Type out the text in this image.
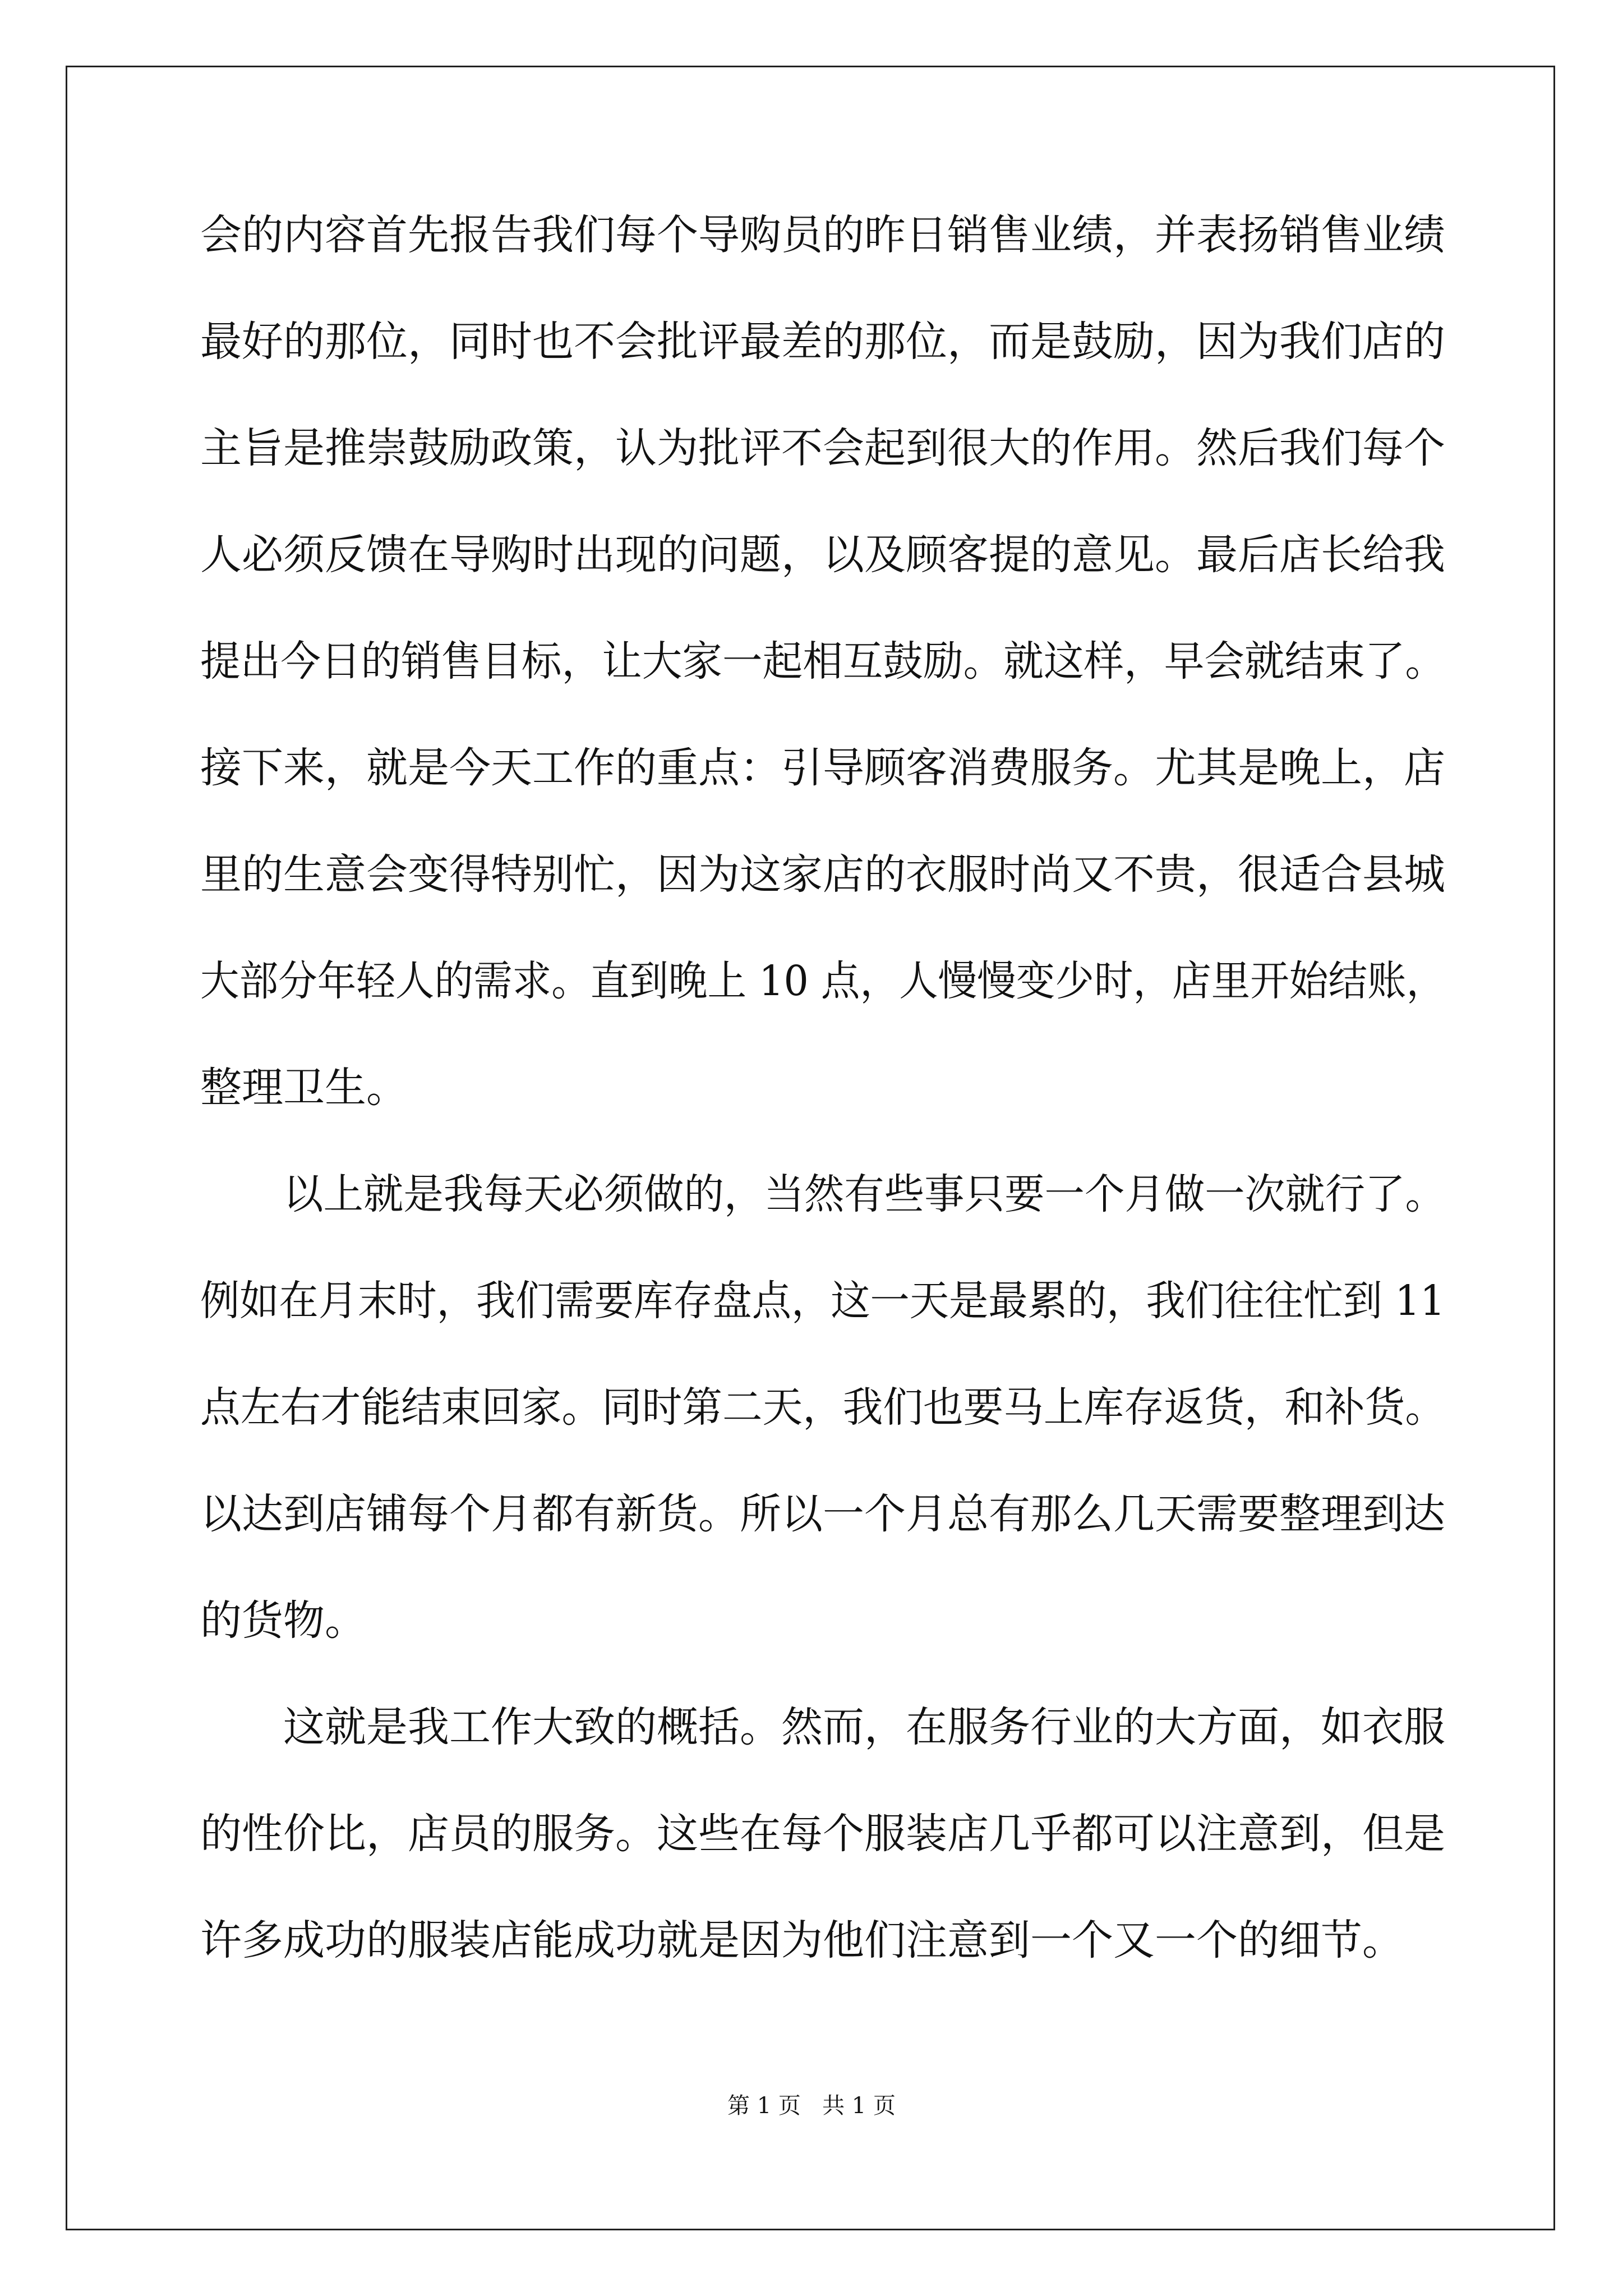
会的内容首先报告我们每个导购员的昨日销售业绩，并表扬销售业绩
最好的那位，同时也不会批评最差的那位，而是鼓励，因为我们店的
主旨是推崇鼓励政策，认为批评不会起到很大的作用。然后我们每个
人必须反馈在导购时出现的问题，以及顾客提的意见。最后店长给我
提出今日的销售目标，让大家一起相互鼓励。就这样，早会就结束了。
接下来，就是今天工作的重点：引导顾客消费服务。尤其是晚上，店
里的生意会变得特别忙，因为这家店的衣服时尚又不贵，很适合县城
大部分年轻人的需求。直到晚上 10 点，人慢慢变少时，店里开始结账，
整理卫生。
以上就是我每天必须做的，当然有些事只要一个月做一次就行了。
例如在月末时，我们需要库存盘点，这一天是最累的，我们往往忙到 11
点左右才能结束回家。同时第二天，我们也要马上库存返货，和补货。
以达到店铺每个月都有新货。所以一个月总有那么几天需要整理到达
的货物。
这就是我工作大致的概括。然而，在服务行业的大方面，如衣服
的性价比，店员的服务。这些在每个服装店几乎都可以注意到，但是
许多成功的服装店能成功就是因为他们注意到一个又一个的细节。
第 1 页   共 1 页
